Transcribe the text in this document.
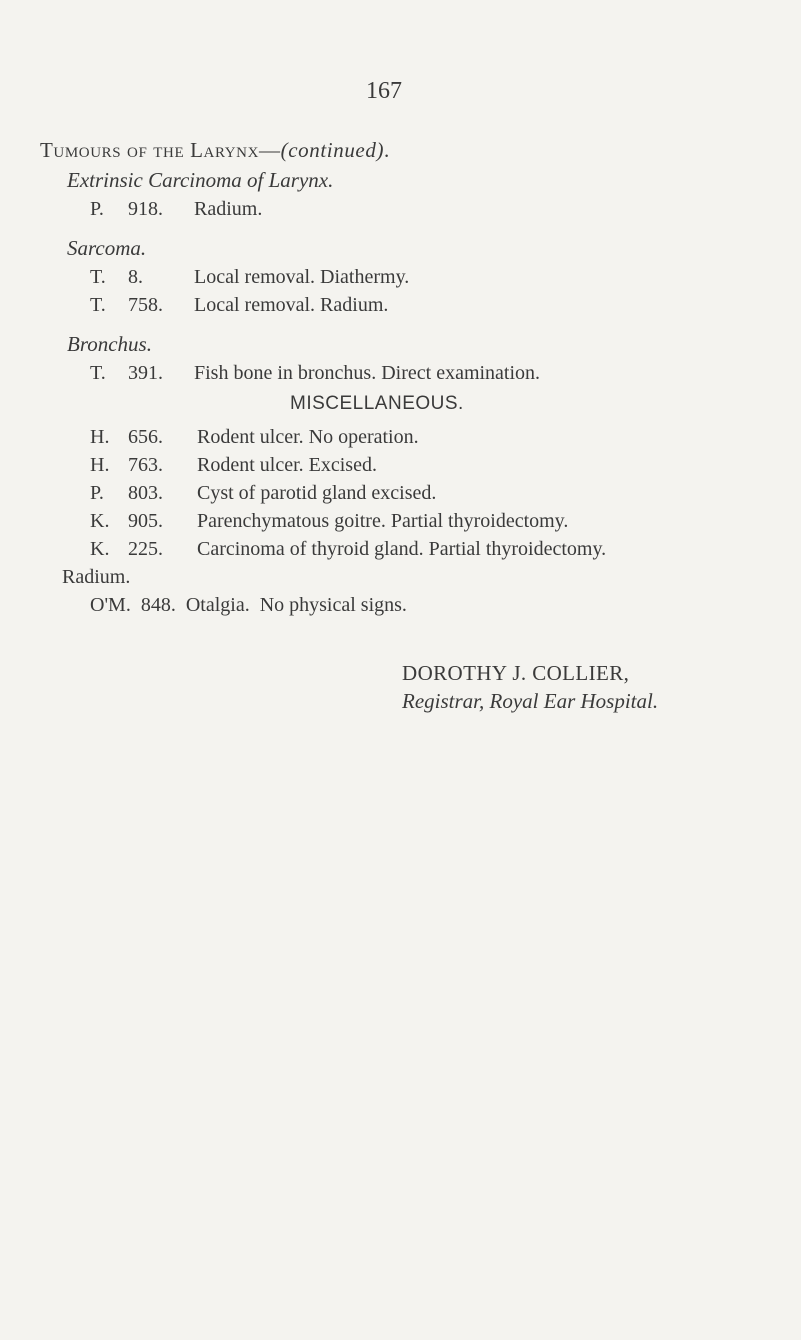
167
Tumours of the Larynx—(continued).
Extrinsic Carcinoma of Larynx.
P. 918. Radium.
Sarcoma.
T. 8.	Local removal. Diathermy.
T. 758. Local removal. Radium.
Bronchus.
T. 391. Fish bone in bronchus. Direct examination.
MISCELLANEOUS.
H. 656. Rodent ulcer. No operation.
H. 763. Rodent ulcer. Excised.
P. 803. Cyst of parotid gland excised.
K. 905. Parenchymatous goitre. Partial thyroidectomy.
K. 225. Carcinoma of thyroid gland. Partial thyroidectomy.
Radium.
O'M.  848.  Otalgia.  No physical signs.
DOROTHY J. COLLIER,
Registrar, Royal Ear Hospital.
